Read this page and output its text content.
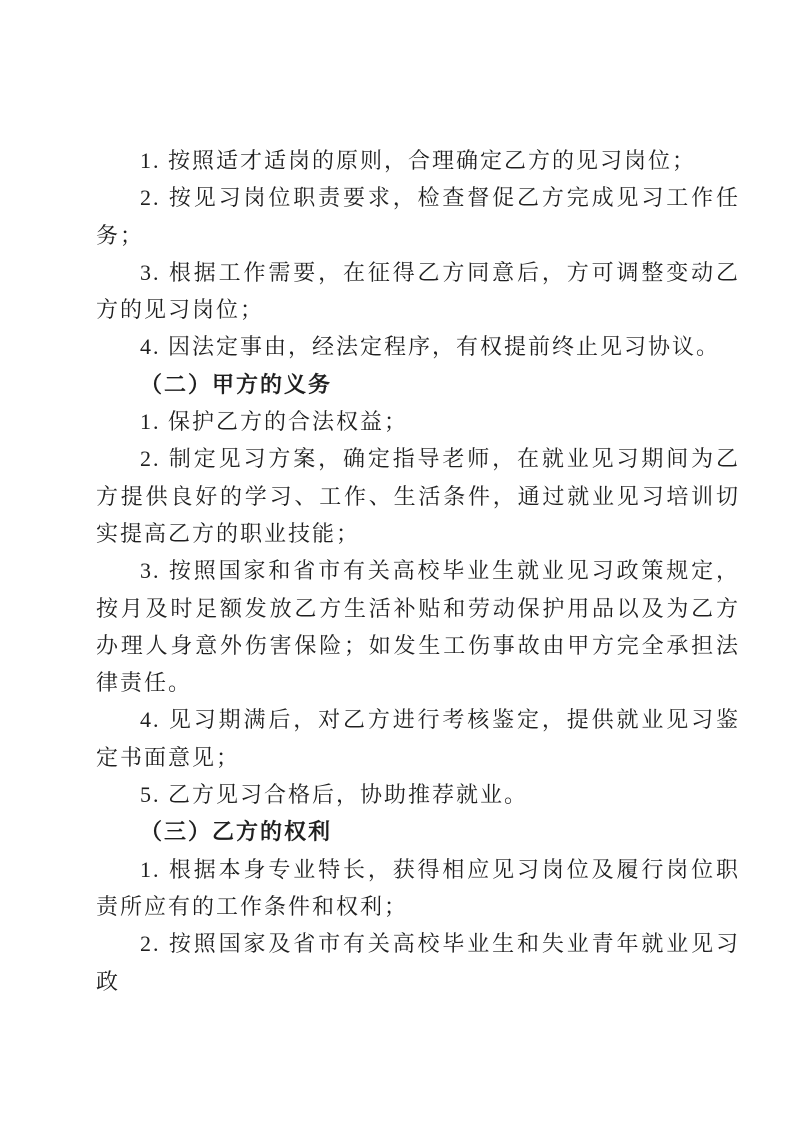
1. 按照适才适岗的原则，合理确定乙方的见习岗位；

2. 按见习岗位职责要求，检查督促乙方完成见习工作任务；

3. 根据工作需要，在征得乙方同意后，方可调整变动乙方的见习岗位；

4. 因法定事由，经法定程序，有权提前终止见习协议。

（二）甲方的义务

1. 保护乙方的合法权益；

2. 制定见习方案，确定指导老师，在就业见习期间为乙方提供良好的学习、工作、生活条件，通过就业见习培训切实提高乙方的职业技能；

3. 按照国家和省市有关高校毕业生就业见习政策规定，按月及时足额发放乙方生活补贴和劳动保护用品以及为乙方办理人身意外伤害保险；如发生工伤事故由甲方完全承担法律责任。

4. 见习期满后，对乙方进行考核鉴定，提供就业见习鉴定书面意见；

5. 乙方见习合格后，协助推荐就业。

（三）乙方的权利

1. 根据本身专业特长，获得相应见习岗位及履行岗位职责所应有的工作条件和权利；

2. 按照国家及省市有关高校毕业生和失业青年就业见习政
